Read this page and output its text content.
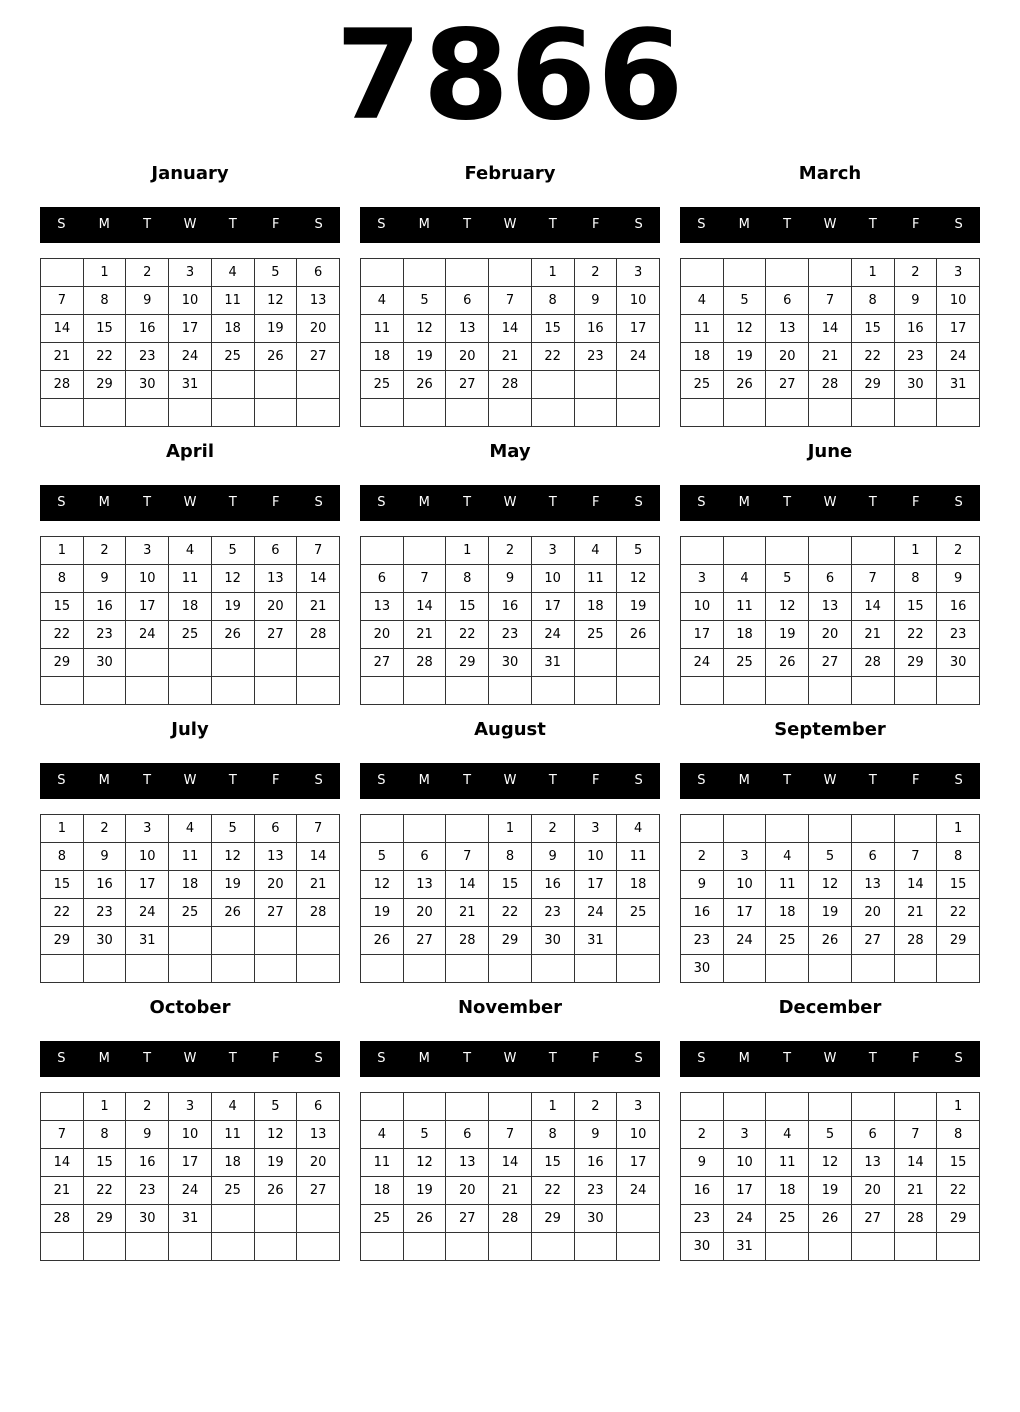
7866
January
S	M	T	W	T	F	S
	1	2	3	4	5	6
7	8	9	10	11	12	13
14	15	16	17	18	19	20
21	22	23	24	25	26	27
28	29	30	31			

February
S	M	T	W	T	F	S
				1	2	3
4	5	6	7	8	9	10
11	12	13	14	15	16	17
18	19	20	21	22	23	24
25	26	27	28			

March
S	M	T	W	T	F	S
				1	2	3
4	5	6	7	8	9	10
11	12	13	14	15	16	17
18	19	20	21	22	23	24
25	26	27	28	29	30	31

April
S	M	T	W	T	F	S
1	2	3	4	5	6	7
8	9	10	11	12	13	14
15	16	17	18	19	20	21
22	23	24	25	26	27	28
29	30					

May
S	M	T	W	T	F	S
		1	2	3	4	5
6	7	8	9	10	11	12
13	14	15	16	17	18	19
20	21	22	23	24	25	26
27	28	29	30	31		

June
S	M	T	W	T	F	S
					1	2
3	4	5	6	7	8	9
10	11	12	13	14	15	16
17	18	19	20	21	22	23
24	25	26	27	28	29	30

July
S	M	T	W	T	F	S
1	2	3	4	5	6	7
8	9	10	11	12	13	14
15	16	17	18	19	20	21
22	23	24	25	26	27	28
29	30	31				

August
S	M	T	W	T	F	S
			1	2	3	4
5	6	7	8	9	10	11
12	13	14	15	16	17	18
19	20	21	22	23	24	25
26	27	28	29	30	31	

September
S	M	T	W	T	F	S
						1
2	3	4	5	6	7	8
9	10	11	12	13	14	15
16	17	18	19	20	21	22
23	24	25	26	27	28	29
30						
October
S	M	T	W	T	F	S
	1	2	3	4	5	6
7	8	9	10	11	12	13
14	15	16	17	18	19	20
21	22	23	24	25	26	27
28	29	30	31			

November
S	M	T	W	T	F	S
				1	2	3
4	5	6	7	8	9	10
11	12	13	14	15	16	17
18	19	20	21	22	23	24
25	26	27	28	29	30	

December
S	M	T	W	T	F	S
						1
2	3	4	5	6	7	8
9	10	11	12	13	14	15
16	17	18	19	20	21	22
23	24	25	26	27	28	29
30	31					
